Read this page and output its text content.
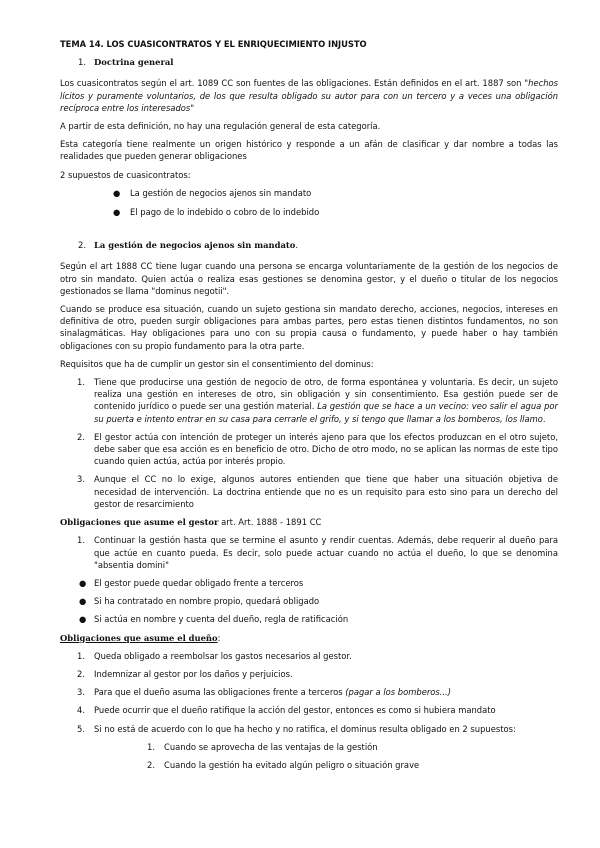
TEMA 14. LOS CUASICONTRATOS Y EL ENRIQUECIMIENTO INJUSTO
1. Doctrina general

Los cuasicontratos según el art. 1089 CC son fuentes de las obligaciones. Están definidos en el art. 1887 son "hechos lícitos y puramente voluntarios, de los que resulta obligado su autor para con un tercero y a veces una obligación recíproca entre los interesados"

A partir de esta definición, no hay una regulación general de esta categoría.

Esta categoría tiene realmente un origen histórico y responde a un afán de clasificar y dar nombre a todas las realidades que pueden generar obligaciones

2 supuestos de cuasicontratos:

● La gestión de negocios ajenos sin mandato
● El pago de lo indebido o cobro de lo indebido
2. La gestión de negocios ajenos sin mandato.

Según el art 1888 CC tiene lugar cuando una persona se encarga voluntariamente de la gestión de los negocios de otro sin mandato. Quien actúa o realiza esas gestiones se denomina gestor, y el dueño o titular de los negocios gestionados se llama "dominus negotii".

Cuando se produce esa situación, cuando un sujeto gestiona sin mandato derecho, acciones, negocios, intereses en definitiva de otro, pueden surgir obligaciones para ambas partes, pero estas tienen distintos fundamentos, no son sinalagmáticas. Hay obligaciones para uno con su propia causa o fundamento, y puede haber o hay también obligaciones con su propio fundamento para la otra parte.

Requisitos que ha de cumplir un gestor sin el consentimiento del dominus:

1. Tiene que producirse una gestión de negocio de otro, de forma espontánea y voluntaria. Es decir, un sujeto realiza una gestión en intereses de otro, sin obligación y sin consentimiento. Esa gestión puede ser de contenido jurídico o puede ser una gestión material. La gestión que se hace a un vecino: veo salir el agua por su puerta e intento entrar en su casa para cerrarle el grifo, y si tengo que llamar a los bomberos, los llamo.
2. El gestor actúa con intención de proteger un interés ajeno para que los efectos produzcan en el otro sujeto, debe saber que esa acción es en beneficio de otro. Dicho de otro modo, no se aplican las normas de este tipo cuando quien actúa, actúa por interés propio.
3. Aunque el CC no lo exige, algunos autores entienden que tiene que haber una situación objetiva de necesidad de intervención. La doctrina entiende que no es un requisito para esto sino para un derecho del gestor de resarcimiento

Obligaciones que asume el gestor art. Art. 1888 - 1891 CC

1. Continuar la gestión hasta que se termine el asunto y rendir cuentas. Además, debe requerir al dueño para que actúe en cuanto pueda. Es decir, solo puede actuar cuando no actúa el dueño, lo que se denomina "absentia domini"
● El gestor puede quedar obligado frente a terceros
● Si ha contratado en nombre propio, quedará obligado
● Si actúa en nombre y cuenta del dueño, regla de ratificación

Obligaciones que asume el dueño:

1. Queda obligado a reembolsar los gastos necesarios al gestor.
2. Indemnizar al gestor por los daños y perjuicios.
3. Para que el dueño asuma las obligaciones frente a terceros (pagar a los bomberos...)
4. Puede ocurrir que el dueño ratifique la acción del gestor, entonces es como si hubiera mandato
5. Si no está de acuerdo con lo que ha hecho y no ratifica, el dominus resulta obligado en 2 supuestos:
1. Cuando se aprovecha de las ventajas de la gestión
2. Cuando la gestión ha evitado algún peligro o situación grave
